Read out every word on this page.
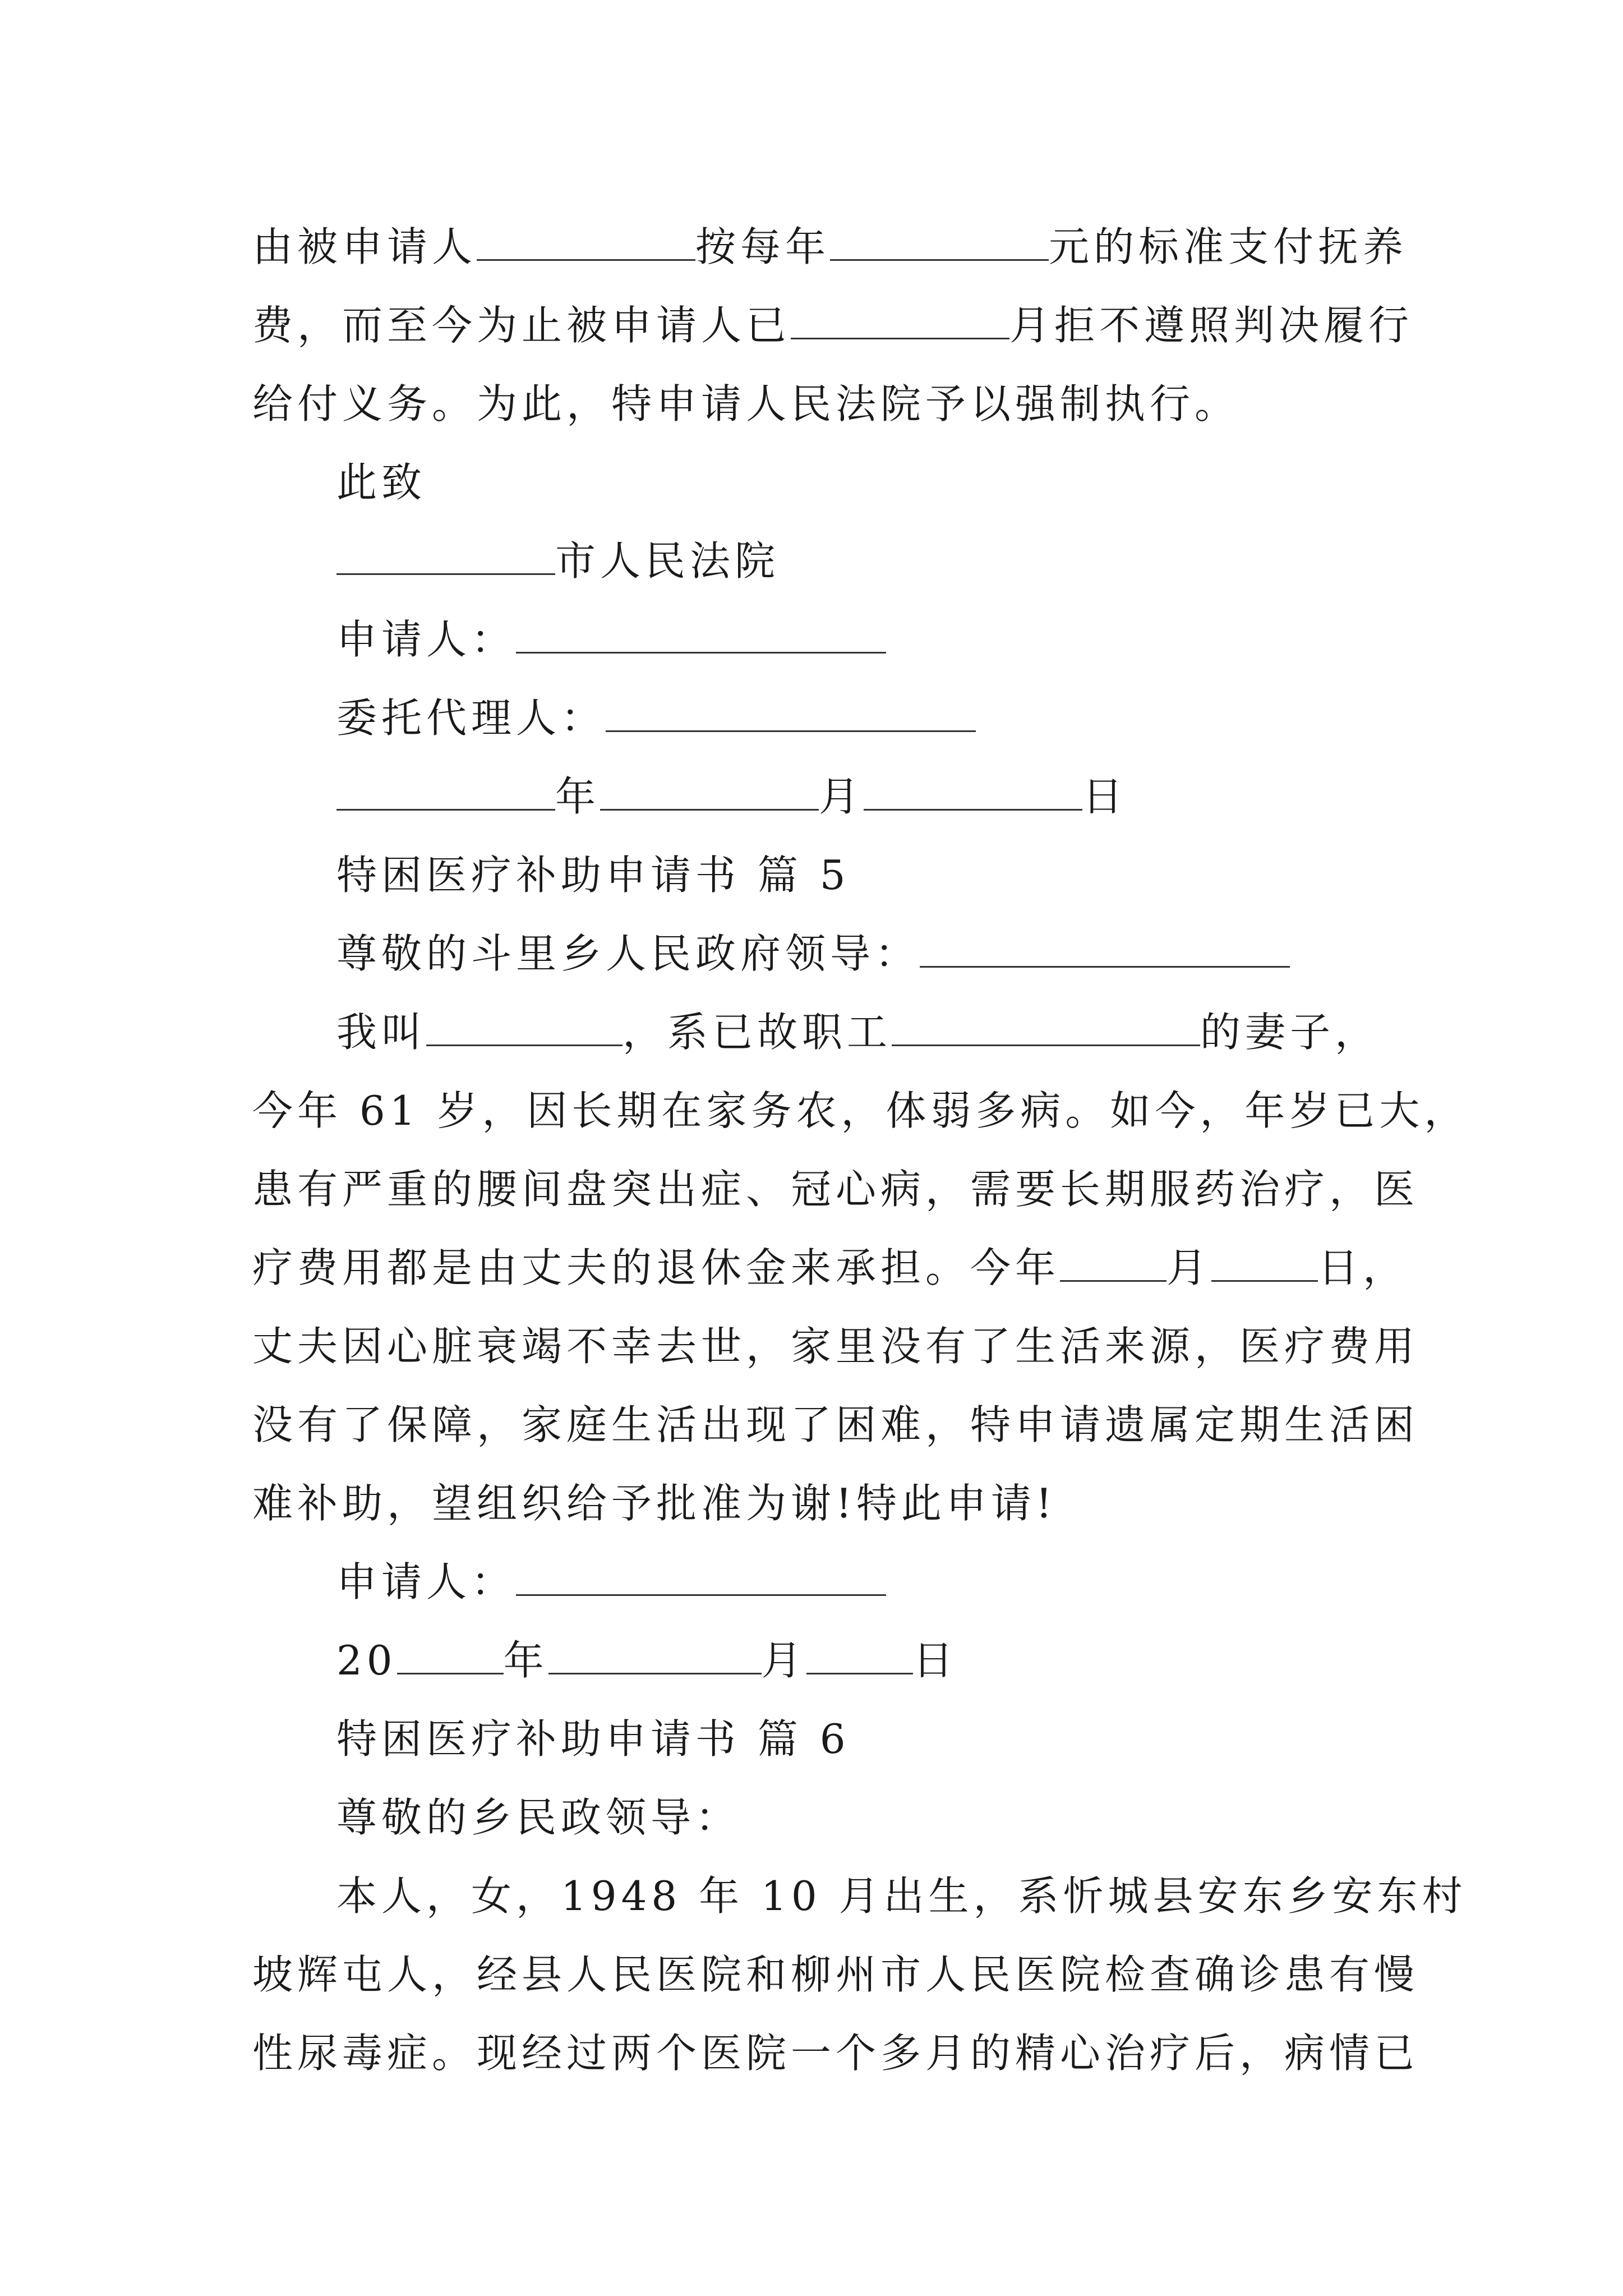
由被申请人	按每年	元的标准支付抚养
费，而至今为止被申请人已	月拒不遵照判决履行
给付义务。为此，特申请人民法院予以强制执行。
此致
市人民法院
申请人：
委托代理人：
年	月	日
特困医疗补助申请书 篇 5
尊敬的斗里乡人民政府领导：
我叫	，系已故职工	的妻子，
今年 61 岁，因长期在家务农，体弱多病。如今，年岁已大，
患有严重的腰间盘突出症、冠心病，需要长期服药治疗，医
疗费用都是由丈夫的退休金来承担。今年	月	日，
丈夫因心脏衰竭不幸去世，家里没有了生活来源，医疗费用
没有了保障，家庭生活出现了困难，特申请遗属定期生活困
难补助，望组织给予批准为谢!特此申请!
申请人：
20	年	月	日
特困医疗补助申请书 篇 6
尊敬的乡民政领导：
本人，女，1948 年 10 月出生，系忻城县安东乡安东村
坡辉屯人，经县人民医院和柳州市人民医院检查确诊患有慢
性尿毒症。现经过两个医院一个多月的精心治疗后，病情已
